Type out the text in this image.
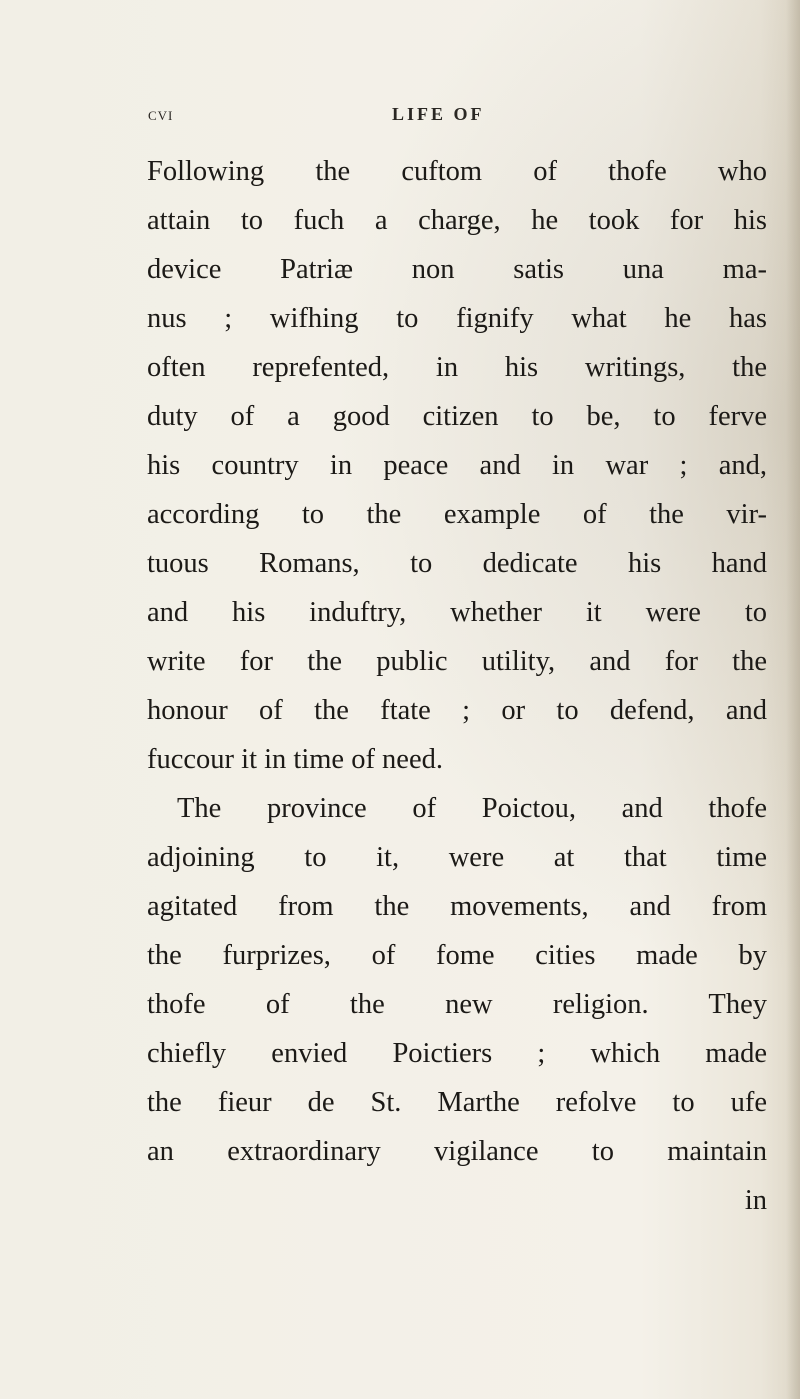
cvi	LIFE OF
Following the cuftom of thofe who
attain to fuch a charge, he took for his
device Patriæ non satis una ma-
nus ; wifhing to fignify what he has
often reprefented, in his writings, the
duty of a good citizen to be, to ferve
his country in peace and in war ; and,
according to the example of the vir-
tuous Romans, to dedicate his hand
and his induftry, whether it were to
write for the public utility, and for the
honour of the ftate ; or to defend, and
fuccour it in time of need.
The province of Poictou, and thofe
adjoining to it, were at that time
agitated from the movements, and from
the furprizes, of fome cities made by
thofe of the new religion. They
chiefly envied Poictiers ; which made
the fieur de St. Marthe refolve to ufe
an extraordinary vigilance to maintain
in
